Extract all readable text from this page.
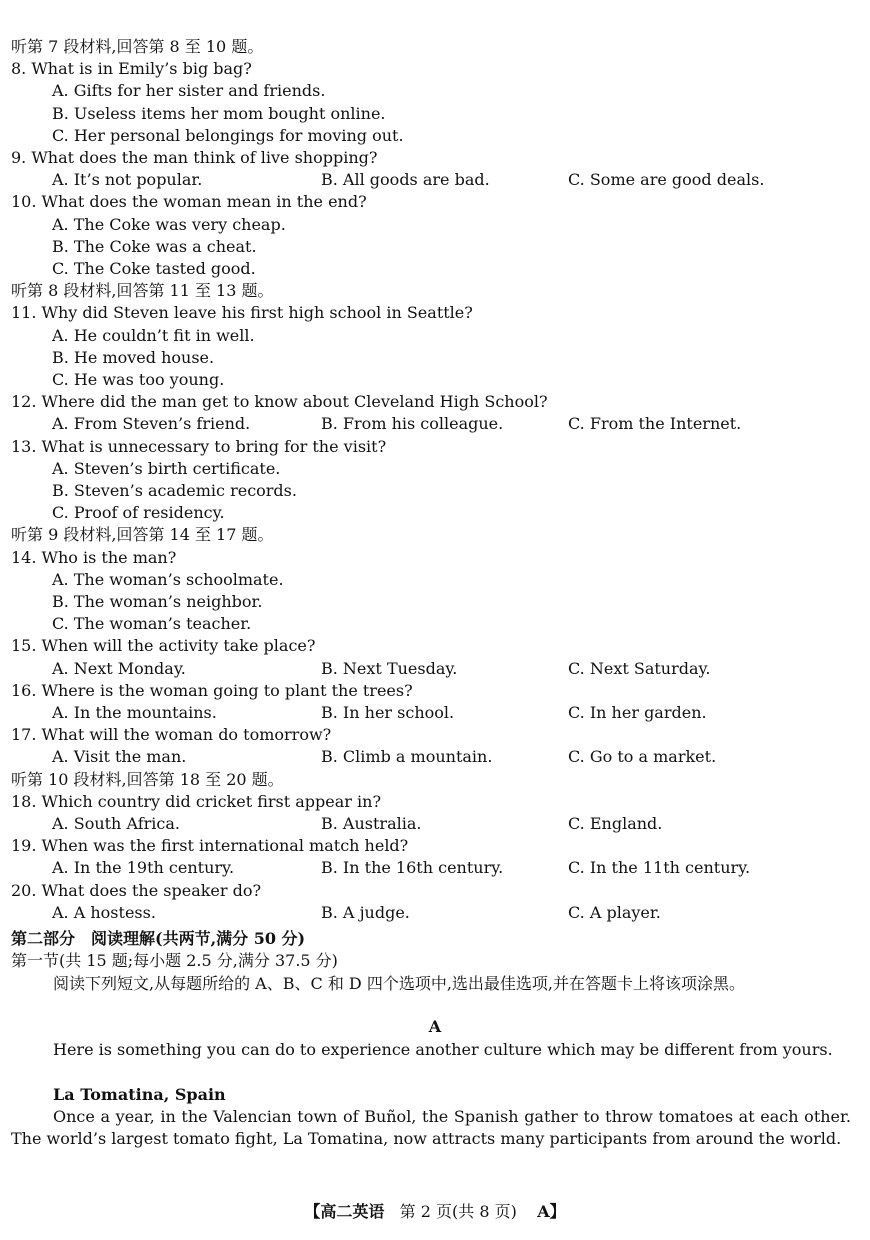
听第 7 段材料,回答第 8 至 10 题。
8. What is in Emily’s big bag?
A. Gifts for her sister and friends.
B. Useless items her mom bought online.
C. Her personal belongings for moving out.
9. What does the man think of live shopping?
A. It’s not popular.	B. All goods are bad.	C. Some are good deals.
10. What does the woman mean in the end?
A. The Coke was very cheap.
B. The Coke was a cheat.
C. The Coke tasted good.
听第 8 段材料,回答第 11 至 13 题。
11. Why did Steven leave his first high school in Seattle?
A. He couldn’t fit in well.
B. He moved house.
C. He was too young.
12. Where did the man get to know about Cleveland High School?
A. From Steven’s friend.	B. From his colleague.	C. From the Internet.
13. What is unnecessary to bring for the visit?
A. Steven’s birth certificate.
B. Steven’s academic records.
C. Proof of residency.
听第 9 段材料,回答第 14 至 17 题。
14. Who is the man?
A. The woman’s schoolmate.
B. The woman’s neighbor.
C. The woman’s teacher.
15. When will the activity take place?
A. Next Monday.	B. Next Tuesday.	C. Next Saturday.
16. Where is the woman going to plant the trees?
A. In the mountains.	B. In her school.	C. In her garden.
17. What will the woman do tomorrow?
A. Visit the man.	B. Climb a mountain.	C. Go to a market.
听第 10 段材料,回答第 18 至 20 题。
18. Which country did cricket first appear in?
A. South Africa.	B. Australia.	C. England.
19. When was the first international match held?
A. In the 19th century.	B. In the 16th century.	C. In the 11th century.
20. What does the speaker do?
A. A hostess.	B. A judge.	C. A player.
第二部分　阅读理解(共两节,满分 50 分)
第一节(共 15 题;每小题 2.5 分,满分 37.5 分)
阅读下列短文,从每题所给的 A、B、C 和 D 四个选项中,选出最佳选项,并在答题卡上将该项涂黑。
A
Here is something you can do to experience another culture which may be different from yours.
La Tomatina, Spain
Once a year, in the Valencian town of Buñol, the Spanish gather to throw tomatoes at each other. The world’s largest tomato fight, La Tomatina, now attracts many participants from around the world.
【高二英语 第 2 页(共 8 页) A】
